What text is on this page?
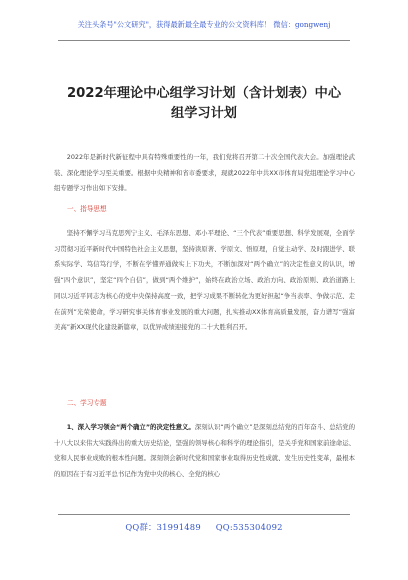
关注头条号"公文研究"，获得最新最全最专业的公文资料库！ 微信：gongwenj
2022年理论中心组学习计划（含计划表）中心
组学习计划
2022年是新时代新征程中具有特殊重要性的一年，我们党将召开第二十次全国代表大会。加强理论武装、深化理论学习至关重要。根据中央精神和省市委要求，现就2022年中共XX市体育局党组理论学习中心组专题学习作出如下安排。
一、指导思想
坚持不懈学习马克思列宁主义、毛泽东思想、邓小平理论、“三个代表”重要思想、科学发展观，全面学习贯彻习近平新时代中国特色社会主义思想，坚持读原著、学原文、悟原理，自觉主动学、及时跟进学、联系实际学、笃信笃行学，不断在学懂弄通做实上下功夫，不断加深对“两个确立”的决定性意义的认识，增强“四个意识”，坚定“四个自信”，做到“两个维护”，始终在政治立场、政治方向、政治原则、政治道路上同以习近平同志为核心的党中央保持高度一致，把学习成果不断转化为更好担起“争当表率、争做示范、走在前列”光荣使命，学习研究事关体育事业发展的重大问题，扎实推动XX体育高质量发展，奋力谱写“强富美高”新XX现代化建设新篇章，以优异成绩迎接党的二十大胜利召开。
二、学习专题
1、深入学习领会“两个确立”的决定性意义。深刻认识“两个确立”是深刻总结党的百年奋斗、总结党的十八大以来伟大实践得出的重大历史结论，坚强的领导核心和科学的理论指引，是关乎党和国家前途命运、党和人民事业成败的根本性问题。深刻领会新时代党和国家事业取得历史性成就、发生历史性变革，最根本的原因在于有习近平总书记作为党中央的核心、全党的核心
QQ群：31991489 QQ:535304092
